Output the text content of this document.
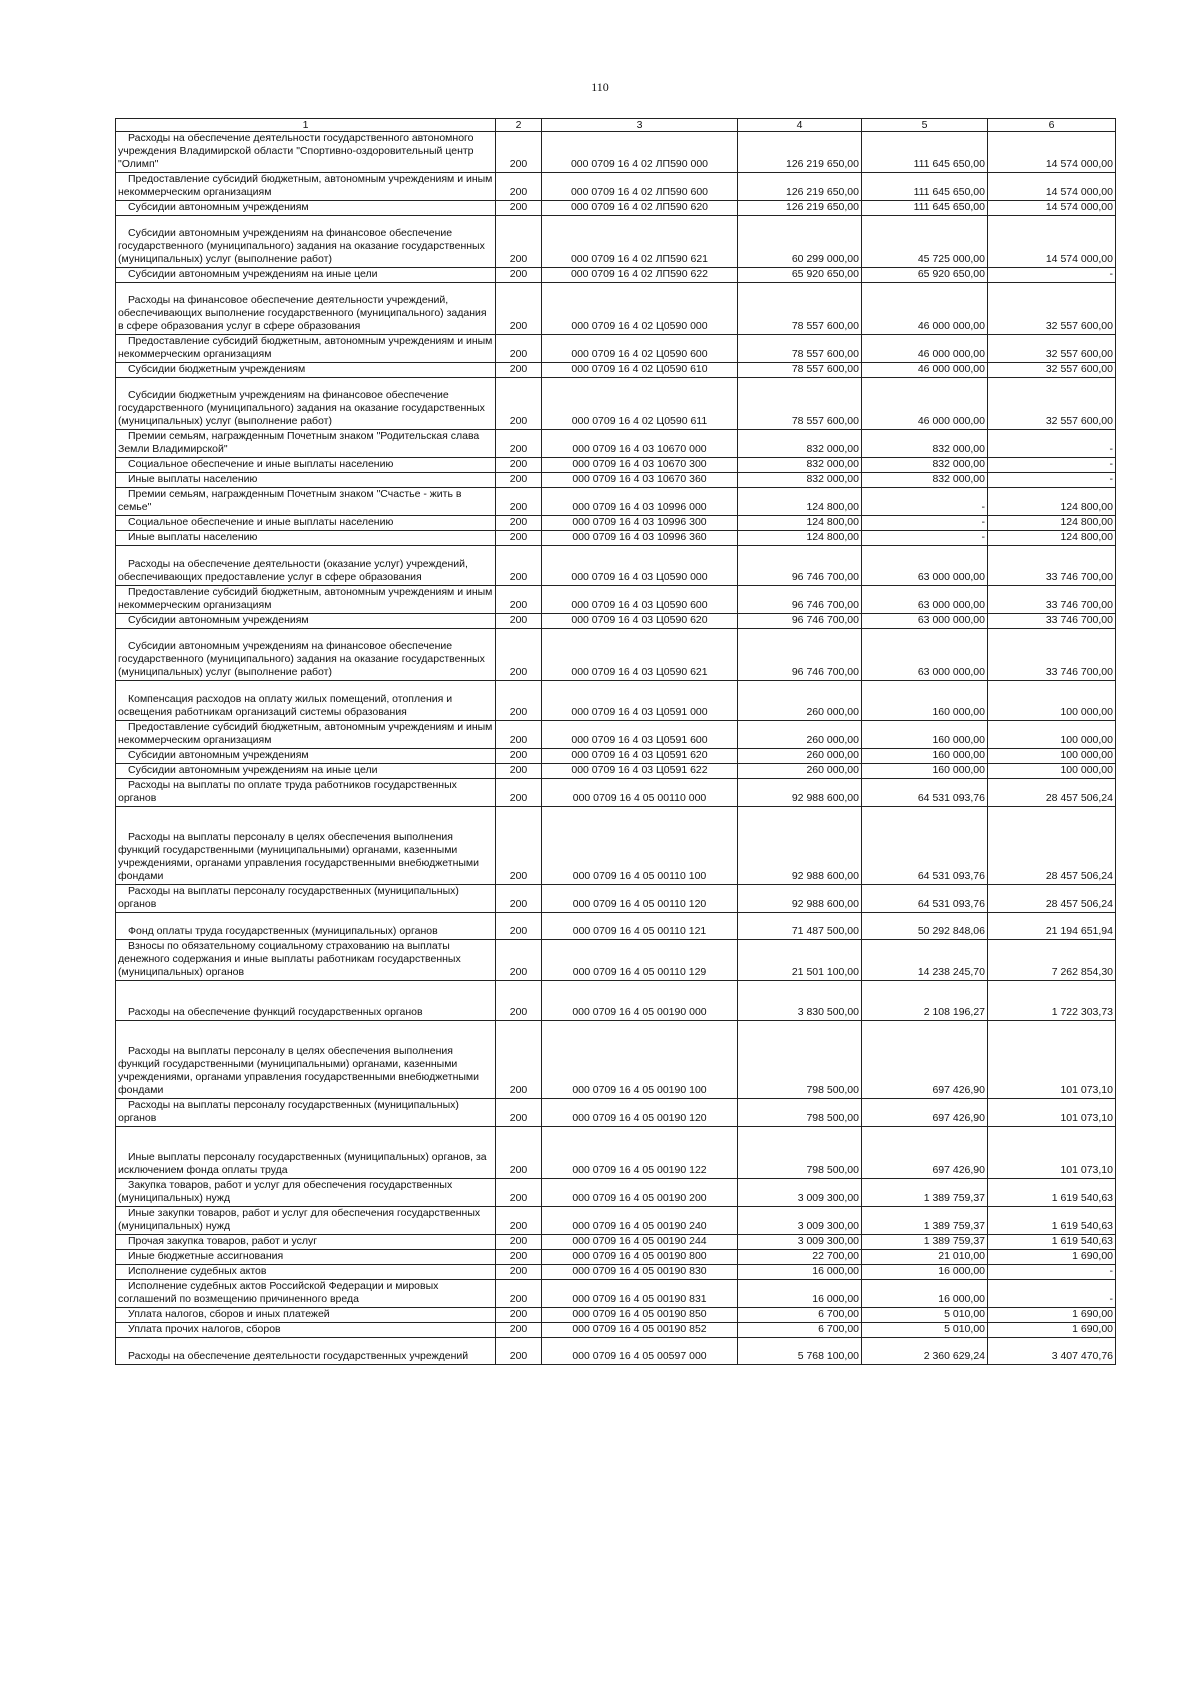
110
1	2	3	4	5	6
Расходы на обеспечение деятельности государственного автономного учреждения Владимирской области "Спортивно-оздоровительный центр "Олимп"	200	000 0709 16 4 02 ЛП590 000	126 219 650,00	111 645 650,00	14 574 000,00
Предоставление субсидий бюджетным, автономным учреждениям и иным некоммерческим организациям	200	000 0709 16 4 02 ЛП590 600	126 219 650,00	111 645 650,00	14 574 000,00
Субсидии автономным учреждениям	200	000 0709 16 4 02 ЛП590 620	126 219 650,00	111 645 650,00	14 574 000,00
Субсидии автономным учреждениям на финансовое обеспечение государственного (муниципального) задания на оказание государственных (муниципальных) услуг (выполнение работ)	200	000 0709 16 4 02 ЛП590 621	60 299 000,00	45 725 000,00	14 574 000,00
Субсидии автономным учреждениям на иные цели	200	000 0709 16 4 02 ЛП590 622	65 920 650,00	65 920 650,00	-
Расходы на финансовое обеспечение деятельности учреждений, обеспечивающих выполнение государственного (муниципального) задания в сфере образования услуг в сфере образования	200	000 0709 16 4 02 Ц0590 000	78 557 600,00	46 000 000,00	32 557 600,00
Предоставление субсидий бюджетным, автономным учреждениям и иным некоммерческим организациям	200	000 0709 16 4 02 Ц0590 600	78 557 600,00	46 000 000,00	32 557 600,00
Субсидии бюджетным учреждениям	200	000 0709 16 4 02 Ц0590 610	78 557 600,00	46 000 000,00	32 557 600,00
Субсидии бюджетным учреждениям на финансовое обеспечение государственного (муниципального) задания на оказание государственных (муниципальных) услуг (выполнение работ)	200	000 0709 16 4 02 Ц0590 611	78 557 600,00	46 000 000,00	32 557 600,00
Премии семьям, награжденным Почетным знаком "Родительская слава Земли Владимирской"	200	000 0709 16 4 03 10670 000	832 000,00	832 000,00	-
Социальное обеспечение и иные выплаты населению	200	000 0709 16 4 03 10670 300	832 000,00	832 000,00	-
Иные выплаты населению	200	000 0709 16 4 03 10670 360	832 000,00	832 000,00	-
Премии семьям, награжденным Почетным знаком "Счастье - жить в семье"	200	000 0709 16 4 03 10996 000	124 800,00	-	124 800,00
Социальное обеспечение и иные выплаты населению	200	000 0709 16 4 03 10996 300	124 800,00	-	124 800,00
Иные выплаты населению	200	000 0709 16 4 03 10996 360	124 800,00	-	124 800,00
Расходы на обеспечение деятельности (оказание услуг) учреждений, обеспечивающих предоставление услуг в сфере образования	200	000 0709 16 4 03 Ц0590 000	96 746 700,00	63 000 000,00	33 746 700,00
Предоставление субсидий бюджетным, автономным учреждениям и иным некоммерческим организациям	200	000 0709 16 4 03 Ц0590 600	96 746 700,00	63 000 000,00	33 746 700,00
Субсидии автономным учреждениям	200	000 0709 16 4 03 Ц0590 620	96 746 700,00	63 000 000,00	33 746 700,00
Субсидии автономным учреждениям на финансовое обеспечение государственного (муниципального) задания на оказание государственных (муниципальных) услуг (выполнение работ)	200	000 0709 16 4 03 Ц0590 621	96 746 700,00	63 000 000,00	33 746 700,00
Компенсация расходов на оплату жилых помещений, отопления и освещения работникам организаций системы образования	200	000 0709 16 4 03 Ц0591 000	260 000,00	160 000,00	100 000,00
Предоставление субсидий бюджетным, автономным учреждениям и иным некоммерческим организациям	200	000 0709 16 4 03 Ц0591 600	260 000,00	160 000,00	100 000,00
Субсидии автономным учреждениям	200	000 0709 16 4 03 Ц0591 620	260 000,00	160 000,00	100 000,00
Субсидии автономным учреждениям на иные цели	200	000 0709 16 4 03 Ц0591 622	260 000,00	160 000,00	100 000,00
Расходы на выплаты по оплате труда работников государственных органов	200	000 0709 16 4 05 00110 000	92 988 600,00	64 531 093,76	28 457 506,24
Расходы на выплаты персоналу в целях обеспечения выполнения функций государственными (муниципальными) органами, казенными учреждениями, органами управления государственными внебюджетными фондами	200	000 0709 16 4 05 00110 100	92 988 600,00	64 531 093,76	28 457 506,24
Расходы на выплаты персоналу государственных (муниципальных) органов	200	000 0709 16 4 05 00110 120	92 988 600,00	64 531 093,76	28 457 506,24
Фонд оплаты труда государственных (муниципальных) органов	200	000 0709 16 4 05 00110 121	71 487 500,00	50 292 848,06	21 194 651,94
Взносы по обязательному социальному страхованию на выплаты денежного содержания и иные выплаты работникам государственных (муниципальных) органов	200	000 0709 16 4 05 00110 129	21 501 100,00	14 238 245,70	7 262 854,30
Расходы на обеспечение функций государственных органов	200	000 0709 16 4 05 00190 000	3 830 500,00	2 108 196,27	1 722 303,73
Расходы на выплаты персоналу в целях обеспечения выполнения функций государственными (муниципальными) органами, казенными учреждениями, органами управления государственными внебюджетными фондами	200	000 0709 16 4 05 00190 100	798 500,00	697 426,90	101 073,10
Расходы на выплаты персоналу государственных (муниципальных) органов	200	000 0709 16 4 05 00190 120	798 500,00	697 426,90	101 073,10
Иные выплаты персоналу государственных (муниципальных) органов, за исключением фонда оплаты труда	200	000 0709 16 4 05 00190 122	798 500,00	697 426,90	101 073,10
Закупка товаров, работ и услуг для обеспечения государственных (муниципальных) нужд	200	000 0709 16 4 05 00190 200	3 009 300,00	1 389 759,37	1 619 540,63
Иные закупки товаров, работ и услуг для обеспечения государственных (муниципальных) нужд	200	000 0709 16 4 05 00190 240	3 009 300,00	1 389 759,37	1 619 540,63
Прочая закупка товаров, работ и услуг	200	000 0709 16 4 05 00190 244	3 009 300,00	1 389 759,37	1 619 540,63
Иные бюджетные ассигнования	200	000 0709 16 4 05 00190 800	22 700,00	21 010,00	1 690,00
Исполнение судебных актов	200	000 0709 16 4 05 00190 830	16 000,00	16 000,00	-
Исполнение судебных актов Российской Федерации и мировых соглашений по возмещению причиненного вреда	200	000 0709 16 4 05 00190 831	16 000,00	16 000,00	-
Уплата налогов, сборов и иных платежей	200	000 0709 16 4 05 00190 850	6 700,00	5 010,00	1 690,00
Уплата прочих налогов, сборов	200	000 0709 16 4 05 00190 852	6 700,00	5 010,00	1 690,00
Расходы на обеспечение деятельности государственных учреждений	200	000 0709 16 4 05 00597 000	5 768 100,00	2 360 629,24	3 407 470,76
